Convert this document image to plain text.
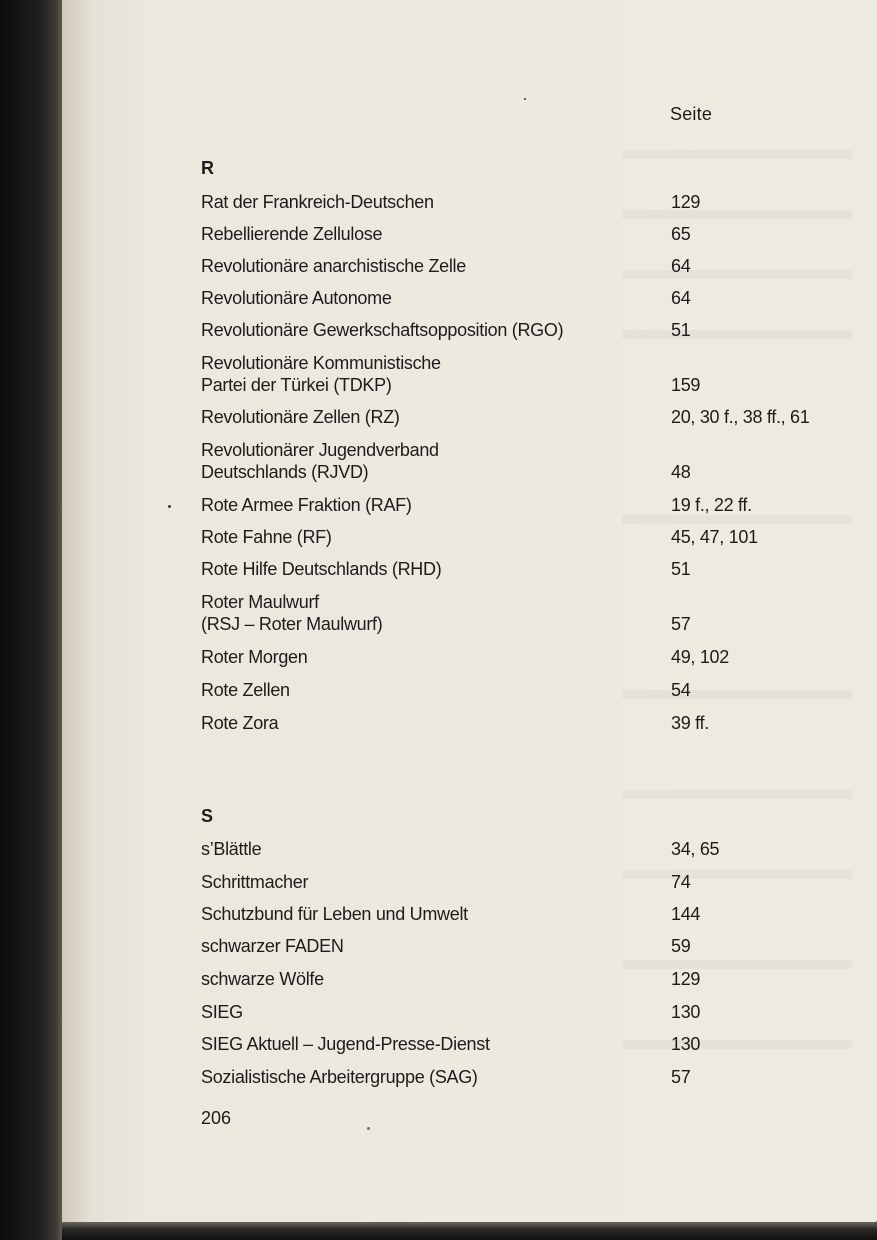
Seite
R
Rat der Frankreich-Deutschen	129
Rebellierende Zellulose	65
Revolutionäre anarchistische Zelle	64
Revolutionäre Autonome	64
Revolutionäre Gewerkschaftsopposition (RGO)	51
Revolutionäre Kommunistische
Partei der Türkei (TDKP)	159
Revolutionäre Zellen (RZ)	20, 30 f., 38 ff., 61
Revolutionärer Jugendverband
Deutschlands (RJVD)	48
Rote Armee Fraktion (RAF)	19 f., 22 ff.
Rote Fahne (RF)	45, 47, 101
Rote Hilfe Deutschlands (RHD)	51
Roter Maulwurf
(RSJ – Roter Maulwurf)	57
Roter Morgen	49, 102
Rote Zellen	54
Rote Zora	39 ff.
S
s’Blättle	34, 65
Schrittmacher	74
Schutzbund für Leben und Umwelt	144
schwarzer FADEN	59
schwarze Wölfe	129
SIEG	130
SIEG Aktuell – Jugend-Presse-Dienst	130
Sozialistische Arbeitergruppe (SAG)	57
206
